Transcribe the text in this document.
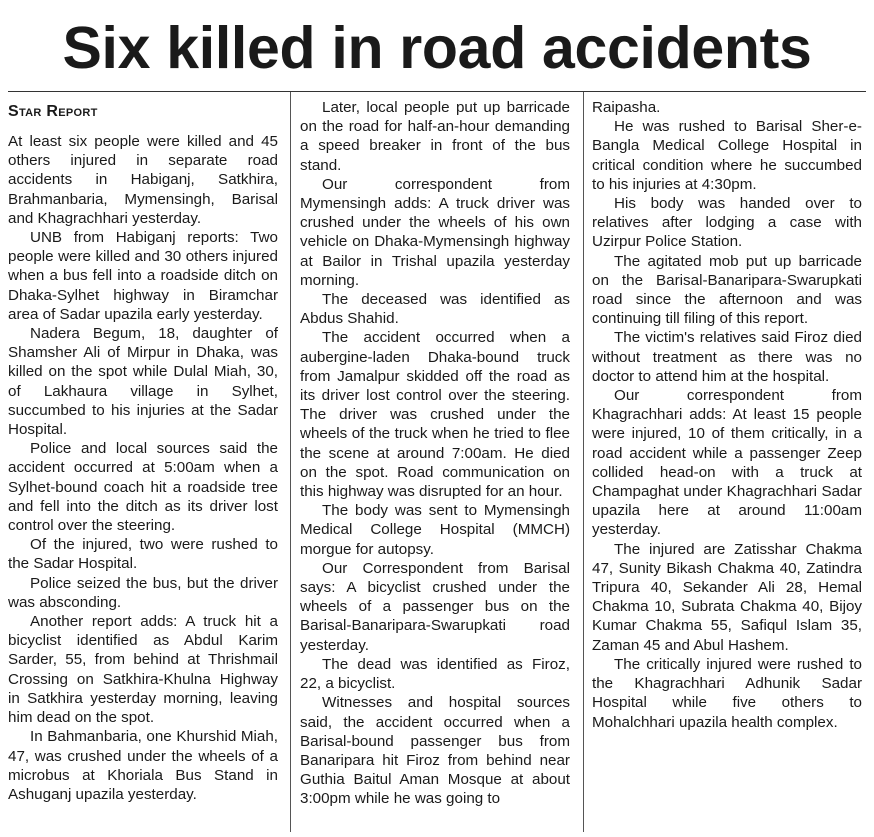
Six killed in road accidents
Star Report

At least six people were killed and 45 others injured in separate road accidents in Habiganj, Satkhira, Brahmanbaria, Mymensingh, Barisal and Khagrachhari yesterday.

UNB from Habiganj reports: Two people were killed and 30 others injured when a bus fell into a roadside ditch on Dhaka-Sylhet highway in Biramchar area of Sadar upazila early yesterday.

Nadera Begum, 18, daughter of Shamsher Ali of Mirpur in Dhaka, was killed on the spot while Dulal Miah, 30, of Lakhaura village in Sylhet, succumbed to his injuries at the Sadar Hospital.

Police and local sources said the accident occurred at 5:00am when a Sylhet-bound coach hit a roadside tree and fell into the ditch as its driver lost control over the steering.

Of the injured, two were rushed to the Sadar Hospital.

Police seized the bus, but the driver was absconding.

Another report adds: A truck hit a bicyclist identified as Abdul Karim Sarder, 55, from behind at Thrishmail Crossing on Satkhira-Khulna Highway in Satkhira yesterday morning, leaving him dead on the spot.

In Bahmanbaria, one Khurshid Miah, 47, was crushed under the wheels of a microbus at Khoriala Bus Stand in Ashuganj upazila yesterday.

Later, local people put up barricade on the road for half-an-hour demanding a speed breaker in front of the bus stand.

Our correspondent from Mymensingh adds: A truck driver was crushed under the wheels of his own vehicle on Dhaka-Mymensingh highway at Bailor in Trishal upazila yesterday morning.

The deceased was identified as Abdus Shahid.

The accident occurred when a aubergine-laden Dhaka-bound truck from Jamalpur skidded off the road as its driver lost control over the steering. The driver was crushed under the wheels of the truck when he tried to flee the scene at around 7:00am. He died on the spot. Road communication on this highway was disrupted for an hour.

The body was sent to Mymensingh Medical College Hospital (MMCH) morgue for autopsy.

Our Correspondent from Barisal says: A bicyclist crushed under the wheels of a passenger bus on the Barisal-Banaripara-Swarupkati road yesterday.

The dead was identified as Firoz, 22, a bicyclist.

Witnesses and hospital sources said, the accident occurred when a Barisal-bound passenger bus from Banaripara hit Firoz from behind near Guthia Baitul Aman Mosque at about 3:00pm while he was going to

Raipasha.

He was rushed to Barisal Sher-e-Bangla Medical College Hospital in critical condition where he succumbed to his injuries at 4:30pm.

His body was handed over to relatives after lodging a case with Uzirpur Police Station.

The agitated mob put up barricade on the Barisal-Banaripara-Swarupkati road since the afternoon and was continuing till filing of this report.

The victim's relatives said Firoz died without treatment as there was no doctor to attend him at the hospital.

Our correspondent from Khagrachhari adds: At least 15 people were injured, 10 of them critically, in a road accident while a passenger Zeep collided head-on with a truck at Champaghat under Khagrachhari Sadar upazila here at around 11:00am yesterday.

The injured are Zatisshar Chakma 47, Sunity Bikash Chakma 40, Zatindra Tripura 40, Sekander Ali 28, Hemal Chakma 10, Subrata Chakma 40, Bijoy Kumar Chakma 55, Safiqul Islam 35, Zaman 45 and Abul Hashem.

The critically injured were rushed to the Khagrachhari Adhunik Sadar Hospital while five others to Mohalchhari upazila health complex.
